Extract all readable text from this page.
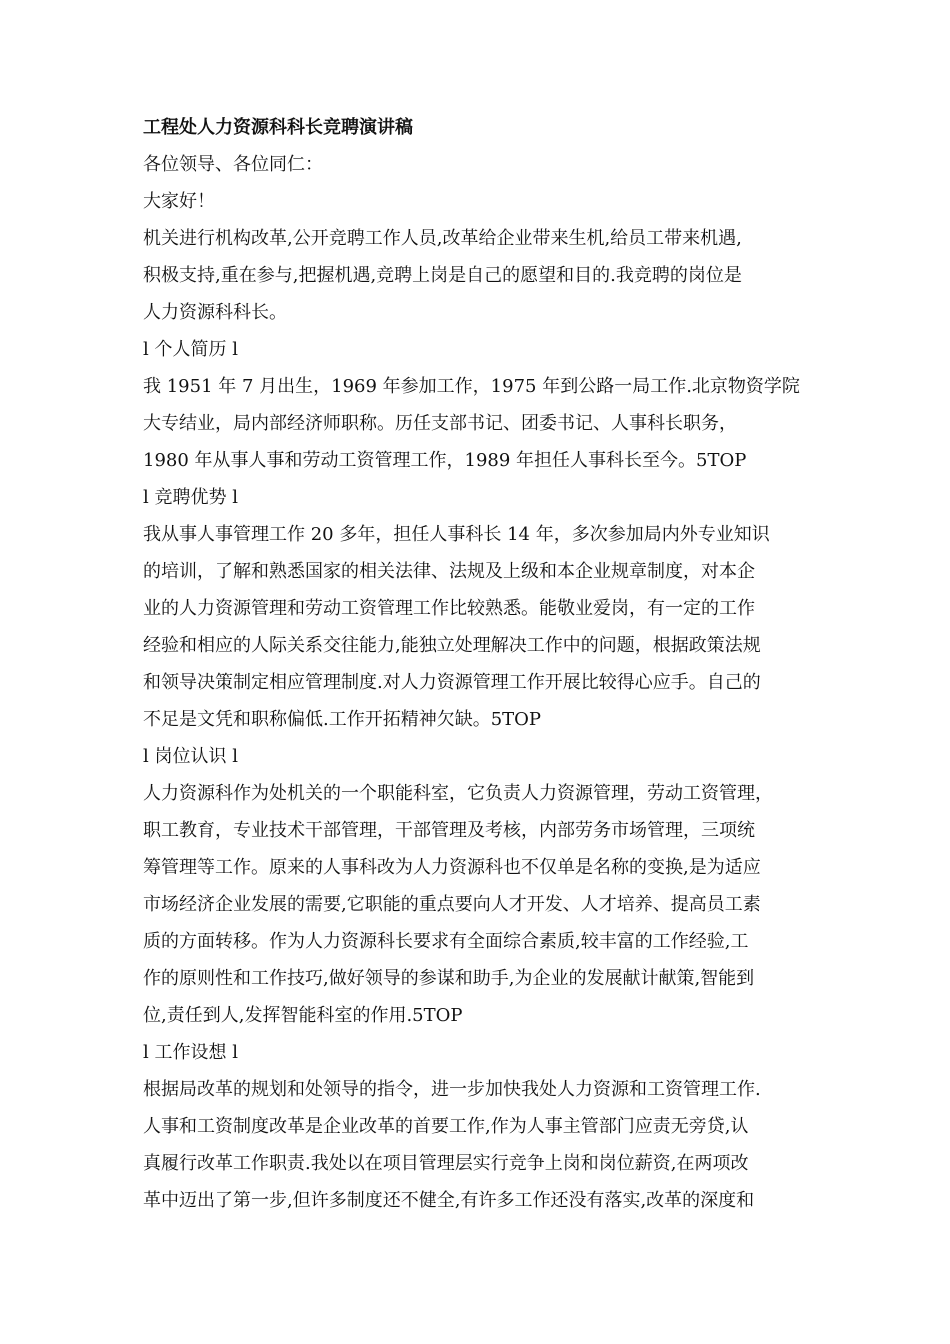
工程处人力资源科科长竞聘演讲稿

各位领导、各位同仁：

大家好！

机关进行机构改革,公开竞聘工作人员,改革给企业带来生机,给员工带来机遇,
积极支持,重在参与,把握机遇,竞聘上岗是自己的愿望和目的.我竞聘的岗位是
人力资源科科长。

l 个人简历 l

我 1951 年 7 月出生，1969 年参加工作，1975 年到公路一局工作.北京物资学院
大专结业，局内部经济师职称。历任支部书记、团委书记、人事科长职务，
1980 年从事人事和劳动工资管理工作，1989 年担任人事科长至今。5TOP

l 竞聘优势 l

我从事人事管理工作 20 多年，担任人事科长 14 年，多次参加局内外专业知识
的培训，了解和熟悉国家的相关法律、法规及上级和本企业规章制度，对本企
业的人力资源管理和劳动工资管理工作比较熟悉。能敬业爱岗，有一定的工作
经验和相应的人际关系交往能力,能独立处理解决工作中的问题，根据政策法规
和领导决策制定相应管理制度.对人力资源管理工作开展比较得心应手。自己的
不足是文凭和职称偏低.工作开拓精神欠缺。5TOP

l 岗位认识 l

人力资源科作为处机关的一个职能科室，它负责人力资源管理，劳动工资管理，
职工教育，专业技术干部管理，干部管理及考核，内部劳务市场管理，三项统
筹管理等工作。原来的人事科改为人力资源科也不仅单是名称的变换,是为适应
市场经济企业发展的需要,它职能的重点要向人才开发、人才培养、提高员工素
质的方面转移。作为人力资源科长要求有全面综合素质,较丰富的工作经验,工
作的原则性和工作技巧,做好领导的参谋和助手,为企业的发展献计献策,智能到
位,责任到人,发挥智能科室的作用.5TOP

l 工作设想 l

根据局改革的规划和处领导的指令，进一步加快我处人力资源和工资管理工作.
人事和工资制度改革是企业改革的首要工作,作为人事主管部门应责无旁贷,认
真履行改革工作职责.我处以在项目管理层实行竞争上岗和岗位薪资,在两项改
革中迈出了第一步,但许多制度还不健全,有许多工作还没有落实,改革的深度和
